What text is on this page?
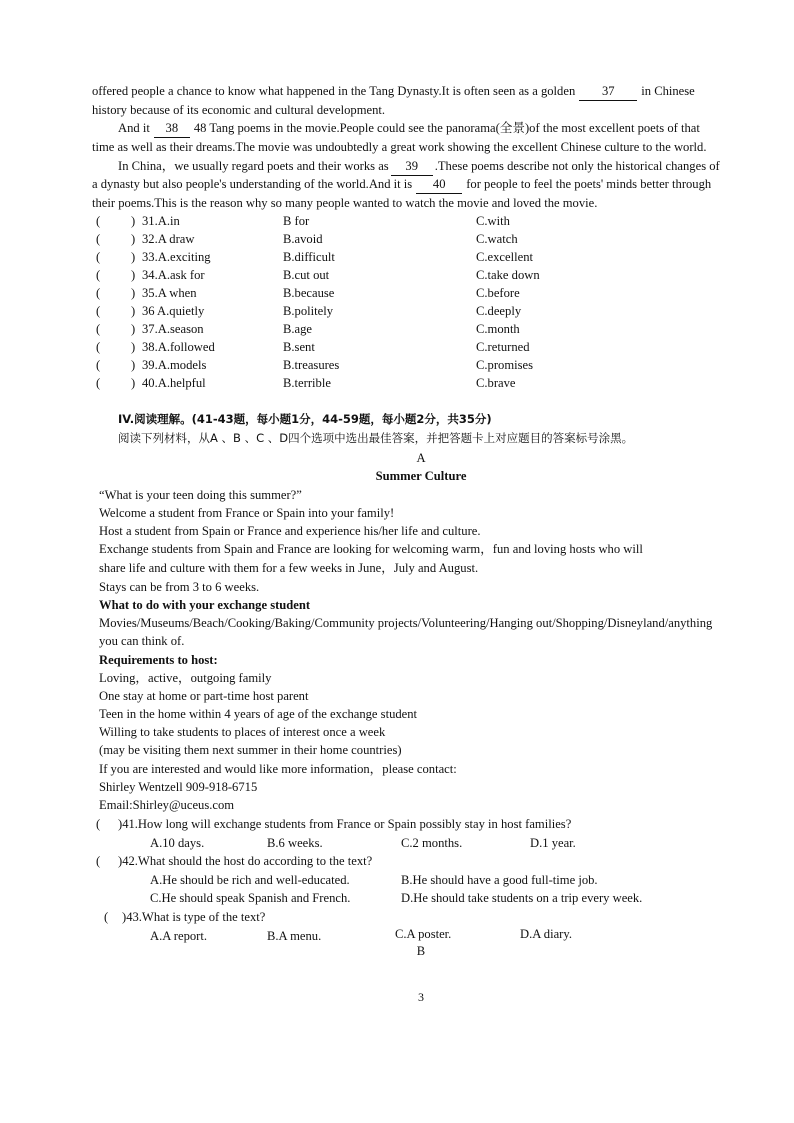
offered people a chance to know what happened in the Tang Dynasty.It is often seen as a golden 37 in Chinese
history because of its economic and cultural development.
And it 38 48 Tang poems in the movie.People could see the panorama(全景)of the most excellent poets of that
time as well as their dreams.The movie was undoubtedly a great work showing the excellent Chinese culture to the world.
In China，we usually regard poets and their works as 39 .These poems describe not only the historical changes of
a dynasty but also people's understanding of the world.And it is 40 for people to feel the poets' minds better through
their poems.This is the reason why so many people wanted to watch the movie and loved the movie.
( ) 31.A.in	B for	C.with
( ) 32.A draw	B.avoid	C.watch
( ) 33.A.exciting	B.difficult	C.excellent
( ) 34.A.ask for	B.cut out	C.take down
( ) 35.A when	B.because	C.before
( ) 36 A.quietly	B.politely	C.deeply
( ) 37.A.season	B.age	C.month
( ) 38.A.followed	B.sent	C.returned
( ) 39.A.models	B.treasures	C.promises
( ) 40.A.helpful	B.terrible	C.brave
IV.阅读理解。(41-43题，每小题1分，44-59题，每小题2分，共35分)
阅读下列材料，从A 、B 、C 、D四个选项中选出最佳答案，并把答题卡上对应题目的答案标号涂黑。
A
Summer Culture
“What is your teen doing this summer?”
Welcome a student from France or Spain into your family!
Host a student from Spain or France and experience his/her life and culture.
Exchange students from Spain and France are looking for welcoming warm，fun and loving hosts who will
share life and culture with them for a few weeks in June，July and August.
Stays can be from 3 to 6 weeks.
What to do with your exchange student
Movies/Museums/Beach/Cooking/Baking/Community projects/Volunteering/Hanging out/Shopping/Disneyland/anything
you can think of.
Requirements to host:
Loving，active，outgoing family
One stay at home or part-time host parent
Teen in the home within 4 years of age of the exchange student
Willing to take students to places of interest once a week
(may be visiting them next summer in their home countries)
If you are interested and would like more information，please contact:
Shirley Wentzell 909-918-6715
Email:Shirley@uceus.com
( )41.How long will exchange students from France or Spain possibly stay in host families?
A.10 days.	B.6 weeks.	C.2 months.	D.1 year.
( )42.What should the host do according to the text?
A.He should be rich and well-educated.	B.He should have a good full-time job.
C.He should speak Spanish and French.	D.He should take students on a trip every week.
( )43.What is type of the text?
A.A report.	B.A menu.	C.A poster.	D.A diary.
B
3
